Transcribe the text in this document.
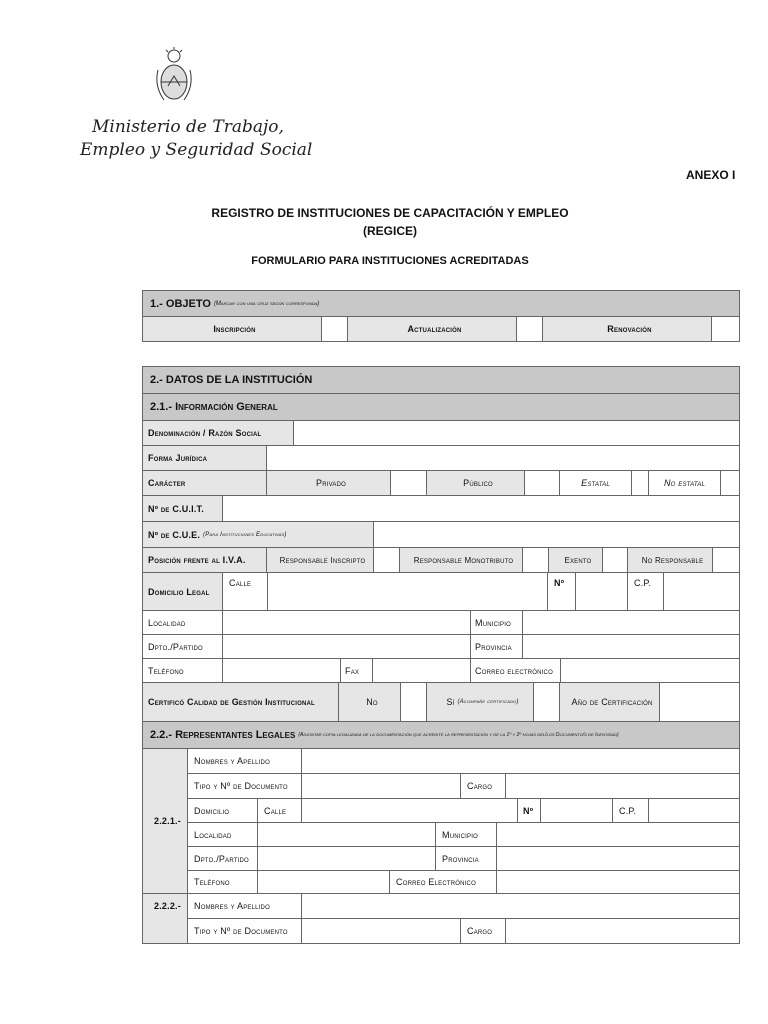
Ministerio de Trabajo,
Empleo y Seguridad Social
ANEXO I
REGISTRO DE INSTITUCIONES DE CAPACITACIÓN Y EMPLEO
(REGICE)
FORMULARIO PARA INSTITUCIONES ACREDITADAS
1.- OBJETO (Marcar con una cruz según corresponda)
Inscripción	Actualización	Renovación
2.- DATOS DE LA INSTITUCIÓN
2.1.- Información General
Denominación / Razón Social
Forma Jurídica
Carácter	Privado	Público	Estatal	No estatal
Nº de C.U.I.T.
Nº de C.U.E. (Para Instituciones Educativas)
Posición frente al I.V.A.	Responsable Inscripto	Responsable Monotributo	Exento	No Responsable
Domicilio Legal
Calle	Nº	C.P.
Localidad	Municipio
Dpto./Partido	Provincia
Teléfono	Fax	Correo electrónico
Certificó Calidad de Gestión Institucional	No	Sí (Acompañe certificado)	Año de Certificación
2.2.- Representantes Legales (Adjuntar copia legalizada de la documentación que acredite la representación y de la 1º y 2º hojas del/los Documento/s de Identidad)
2.2.1.-
Nombres y Apellido
Tipo y Nº de Documento	Cargo
Domicilio	Calle	Nº	C.P.
Localidad	Municipio
Dpto./Partido	Provincia
Teléfono	Correo Electrónico
2.2.2.-	Nombres y Apellido
Tipo y Nº de Documento	Cargo
